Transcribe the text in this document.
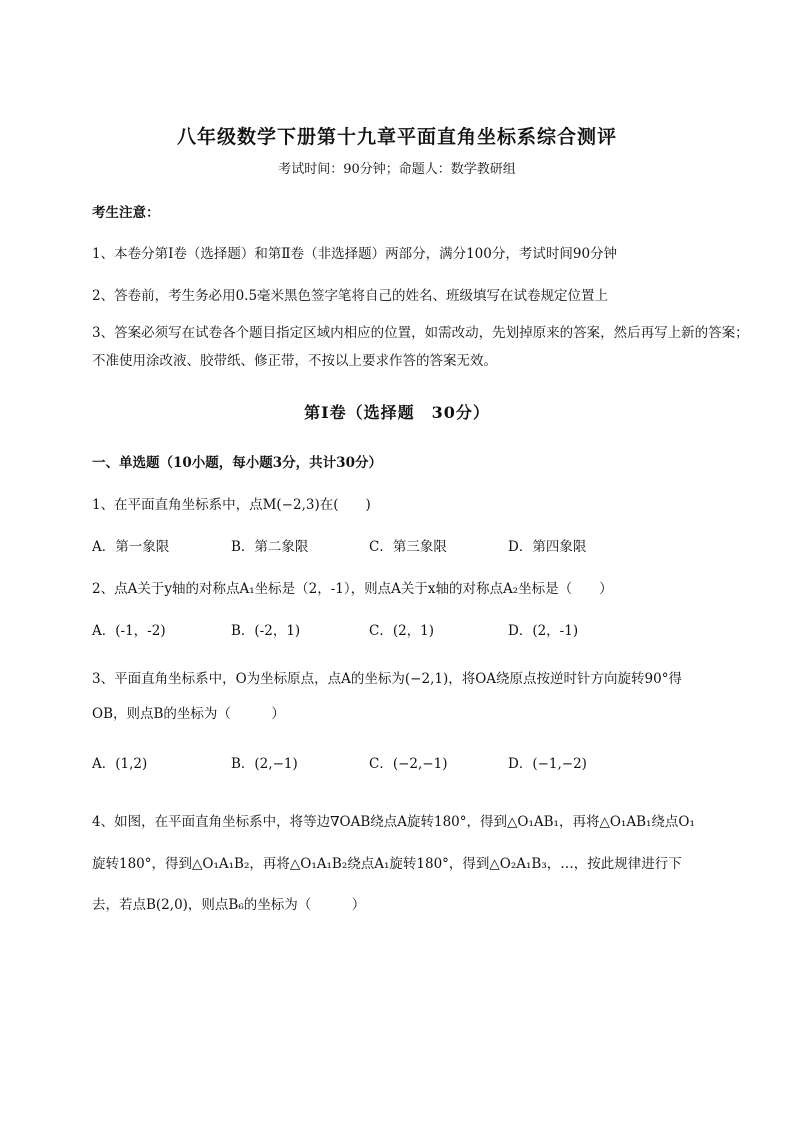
八年级数学下册第十九章平面直角坐标系综合测评
考试时间：90分钟；命题人：数学教研组
考生注意：
1、本卷分第Ⅰ卷（选择题）和第Ⅱ卷（非选择题）两部分，满分100分，考试时间90分钟
2、答卷前，考生务必用0.5毫米黑色签字笔将自己的姓名、班级填写在试卷规定位置上
3、答案必须写在试卷各个题目指定区域内相应的位置，如需改动，先划掉原来的答案，然后再写上新的答案；不准使用涂改液、胶带纸、修正带，不按以上要求作答的答案无效。
第Ⅰ卷（选择题　30分）
一、单选题（10小题，每小题3分，共计30分）
1、在平面直角坐标系中，点M(−2,3)在(　　)
A．第一象限	B．第二象限	C．第三象限	D．第四象限
2、点A关于y轴的对称点A₁坐标是（2，-1），则点A关于x轴的对称点A₂坐标是（　　）
A．(-1，-2)	B．(-2，1)	C．(2，1)	D．(2，-1)
3、平面直角坐标系中，O为坐标原点，点A的坐标为(−2,1)，将OA绕原点按逆时针方向旋转90°得
OB，则点B的坐标为（　　　）
A．(1,2)	B．(2,−1)	C．(−2,−1)	D．(−1,−2)
4、如图，在平面直角坐标系中，将等边∇OAB绕点A旋转180°，得到△O₁AB₁，再将△O₁AB₁绕点O₁
旋转180°，得到△O₁A₁B₂，再将△O₁A₁B₂绕点A₁旋转180°，得到△O₂A₁B₃，…，按此规律进行下
去，若点B(2,0)，则点B₆的坐标为（　　　）
